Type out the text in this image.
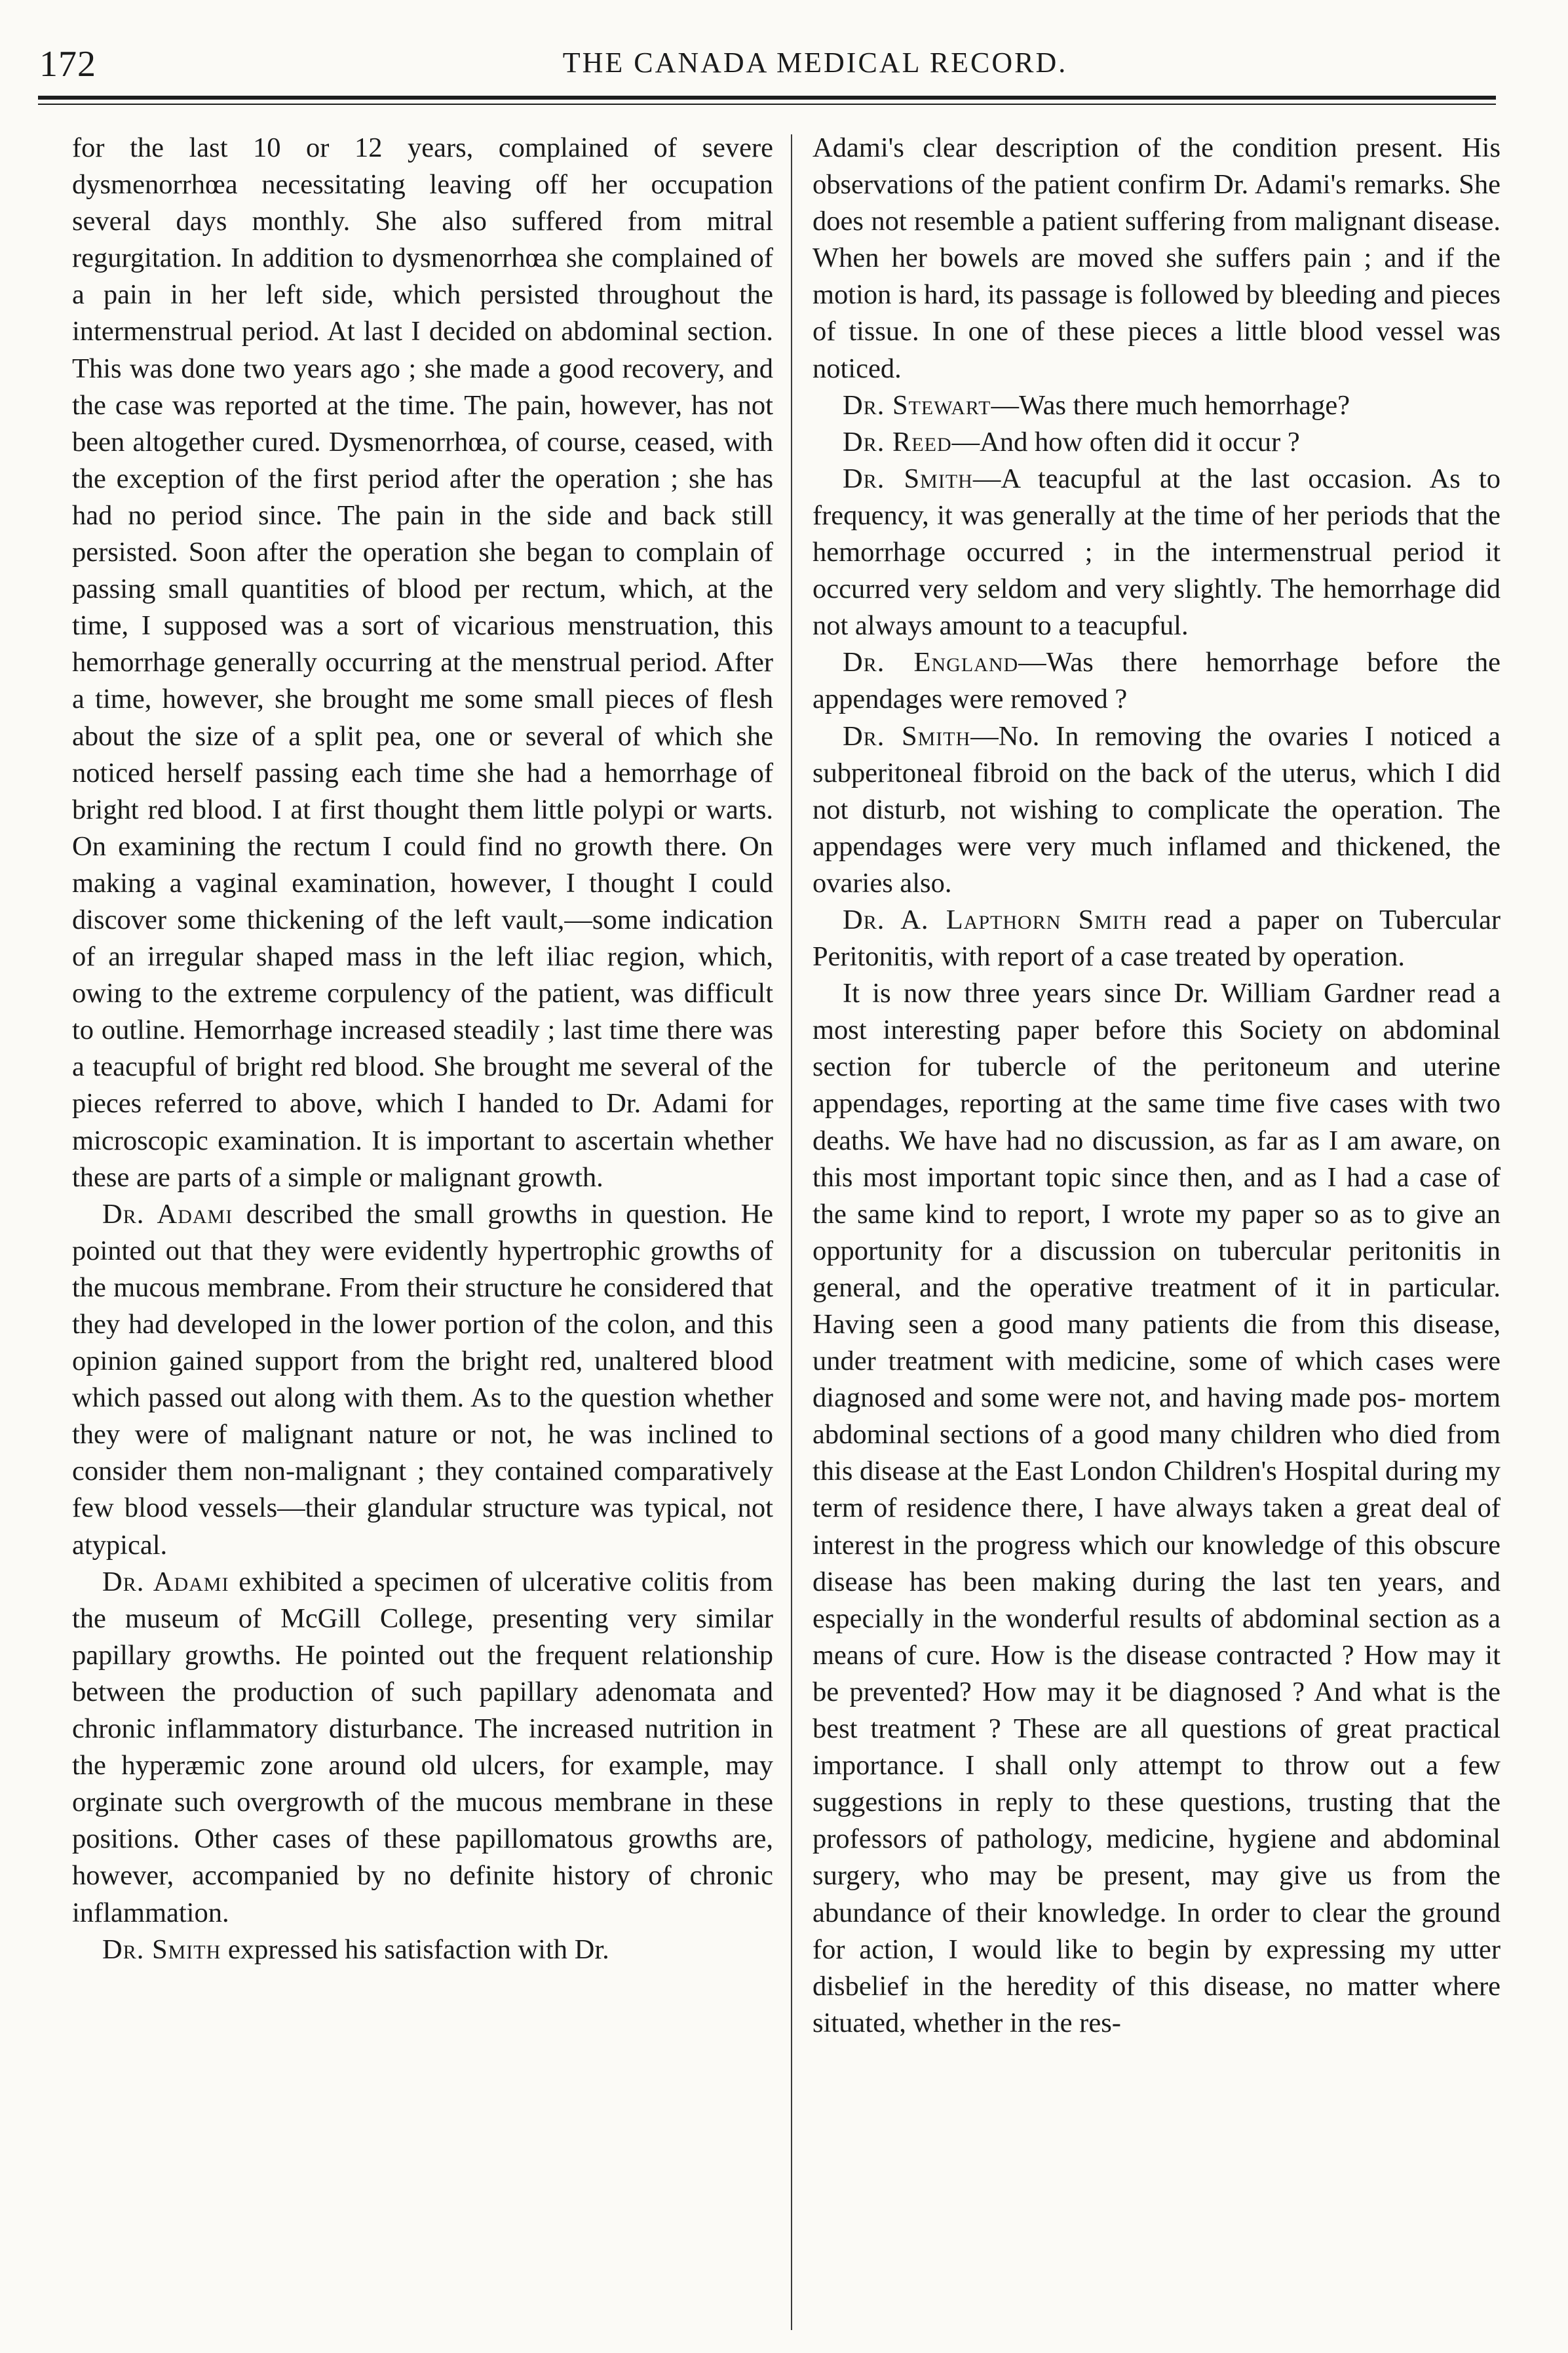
172	THE CANADA MEDICAL RECORD.

for the last 10 or 12 years, complained of severe dysmenorrhœa necessitating leaving off her occupation several days monthly. She also suffered from mitral regurgitation. In addition to dysmenorrhœa she complained of a pain in her left side, which persisted throughout the intermenstrual period. At last I decided on abdominal section. This was done two years ago ; she made a good recovery, and the case was reported at the time. The pain, however, has not been altogether cured. Dysmenorrhœa, of course, ceased, with the exception of the first period after the operation ; she has had no period since. The pain in the side and back still persisted. Soon after the operation she began to complain of passing small quantities of blood per rectum, which, at the time, I supposed was a sort of vicarious menstruation, this hemorrhage generally occurring at the menstrual period. After a time, however, she brought me some small pieces of flesh about the size of a split pea, one or several of which she noticed herself passing each time she had a hemorrhage of bright red blood. I at first thought them little polypi or warts. On examining the rectum I could find no growth there. On making a vaginal examination, however, I thought I could discover some thickening of the left vault,—some indication of an irregular shaped mass in the left iliac region, which, owing to the extreme corpulency of the patient, was difficult to outline. Hemorrhage increased steadily ; last time there was a teacupful of bright red blood. She brought me several of the pieces referred to above, which I handed to Dr. Adami for microscopic examination. It is important to ascertain whether these are parts of a simple or malignant growth.

Dr. Adami described the small growths in question. He pointed out that they were evidently hypertrophic growths of the mucous membrane. From their structure he considered that they had developed in the lower portion of the colon, and this opinion gained support from the bright red, unaltered blood which passed out along with them. As to the question whether they were of malignant nature or not, he was inclined to consider them non-malignant ; they contained comparatively few blood vessels—their glandular structure was typical, not atypical.

Dr. Adami exhibited a specimen of ulcerative colitis from the museum of McGill College, presenting very similar papillary growths. He pointed out the frequent relationship between the production of such papillary adenomata and chronic inflammatory disturbance. The increased nutrition in the hyperæmic zone around old ulcers, for example, may orginate such overgrowth of the mucous membrane in these positions. Other cases of these papillomatous growths are, however, accompanied by no definite history of chronic inflammation.

Dr. Smith expressed his satisfaction with Dr.

Adami's clear description of the condition present. His observations of the patient confirm Dr. Adami's remarks. She does not resemble a patient suffering from malignant disease. When her bowels are moved she suffers pain ; and if the motion is hard, its passage is followed by bleeding and pieces of tissue. In one of these pieces a little blood vessel was noticed.

Dr. Stewart—Was there much hemorrhage?

Dr. Reed—And how often did it occur ?

Dr. Smith—A teacupful at the last occasion. As to frequency, it was generally at the time of her periods that the hemorrhage occurred ; in the intermenstrual period it occurred very seldom and very slightly. The hemorrhage did not always amount to a teacupful.

Dr. England—Was there hemorrhage before the appendages were removed ?

Dr. Smith—No. In removing the ovaries I noticed a subperitoneal fibroid on the back of the uterus, which I did not disturb, not wishing to complicate the operation. The appendages were very much inflamed and thickened, the ovaries also.

Dr. A. Lapthorn Smith read a paper on Tubercular Peritonitis, with report of a case treated by operation.

It is now three years since Dr. William Gardner read a most interesting paper before this Society on abdominal section for tubercle of the peritoneum and uterine appendages, reporting at the same time five cases with two deaths. We have had no discussion, as far as I am aware, on this most important topic since then, and as I had a case of the same kind to report, I wrote my paper so as to give an opportunity for a discussion on tubercular peritonitis in general, and the operative treatment of it in particular. Having seen a good many patients die from this disease, under treatment with medicine, some of which cases were diagnosed and some were not, and having made pos- mortem abdominal sections of a good many children who died from this disease at the East London Children's Hospital during my term of residence there, I have always taken a great deal of interest in the progress which our knowledge of this obscure disease has been making during the last ten years, and especially in the wonderful results of abdominal section as a means of cure. How is the disease contracted ? How may it be prevented? How may it be diagnosed ? And what is the best treatment ? These are all questions of great practical importance. I shall only attempt to throw out a few suggestions in reply to these questions, trusting that the professors of pathology, medicine, hygiene and abdominal surgery, who may be present, may give us from the abundance of their knowledge. In order to clear the ground for action, I would like to begin by expressing my utter disbelief in the heredity of this disease, no matter where situated, whether in the res-
